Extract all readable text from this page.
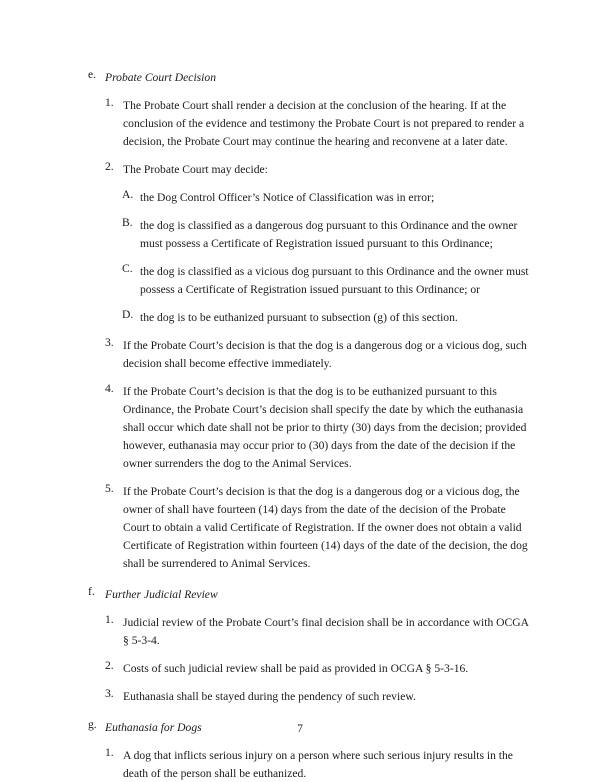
e. Probate Court Decision
1. The Probate Court shall render a decision at the conclusion of the hearing. If at the conclusion of the evidence and testimony the Probate Court is not prepared to render a decision, the Probate Court may continue the hearing and reconvene at a later date.
2. The Probate Court may decide:
A. the Dog Control Officer’s Notice of Classification was in error;
B. the dog is classified as a dangerous dog pursuant to this Ordinance and the owner must possess a Certificate of Registration issued pursuant to this Ordinance;
C. the dog is classified as a vicious dog pursuant to this Ordinance and the owner must possess a Certificate of Registration issued pursuant to this Ordinance; or
D. the dog is to be euthanized pursuant to subsection (g) of this section.
3. If the Probate Court’s decision is that the dog is a dangerous dog or a vicious dog, such decision shall become effective immediately.
4. If the Probate Court’s decision is that the dog is to be euthanized pursuant to this Ordinance, the Probate Court’s decision shall specify the date by which the euthanasia shall occur which date shall not be prior to thirty (30) days from the decision; provided however, euthanasia may occur prior to (30) days from the date of the decision if the owner surrenders the dog to the Animal Services.
5. If the Probate Court’s decision is that the dog is a dangerous dog or a vicious dog, the owner of shall have fourteen (14) days from the date of the decision of the Probate Court to obtain a valid Certificate of Registration. If the owner does not obtain a valid Certificate of Registration within fourteen (14) days of the date of the decision, the dog shall be surrendered to Animal Services.
f. Further Judicial Review
1. Judicial review of the Probate Court’s final decision shall be in accordance with OCGA § 5-3-4.
2. Costs of such judicial review shall be paid as provided in OCGA § 5-3-16.
3. Euthanasia shall be stayed during the pendency of such review.
g. Euthanasia for Dogs
1. A dog that inflicts serious injury on a person where such serious injury results in the death of the person shall be euthanized.
7
